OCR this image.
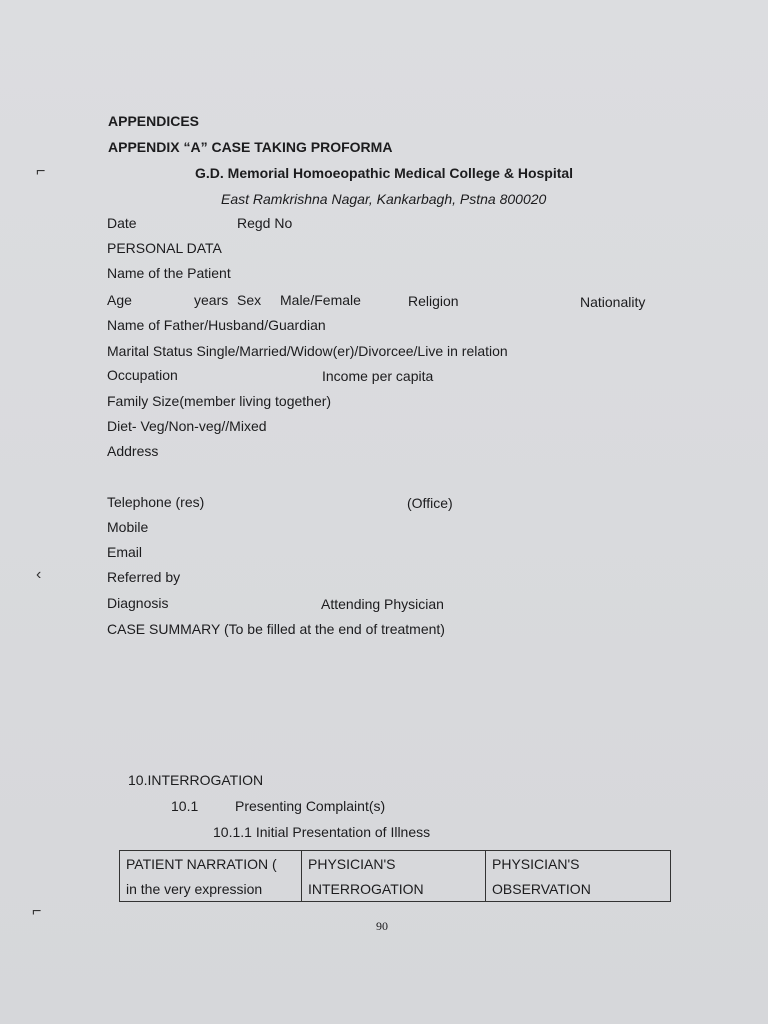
⌐
‹
⌐
APPENDICES
APPENDIX “A” CASE TAKING PROFORMA
G.D. Memorial Homoeopathic Medical College & Hospital
East Ramkrishna Nagar, Kankarbagh, Pstna 800020
Date	Regd No
PERSONAL DATA
Name of the Patient
Age	years Sex Male/Female	Religion	Nationality
Name of Father/Husband/Guardian
Marital Status Single/Married/Widow(er)/Divorcee/Live in relation
Occupation	Income per capita
Family Size(member living together)
Diet- Veg/Non-veg//Mixed
Address
Telephone (res)	(Office)
Mobile
Email
Referred by
Diagnosis	Attending Physician
CASE SUMMARY (To be filled at the end of treatment)
10.INTERROGATION
10.1	Presenting Complaint(s)
10.1.1 Initial Presentation of Illness
PATIENT NARRATION (	PHYSICIAN'S	PHYSICIAN'S
in the very expression	INTERROGATION	OBSERVATION
90
